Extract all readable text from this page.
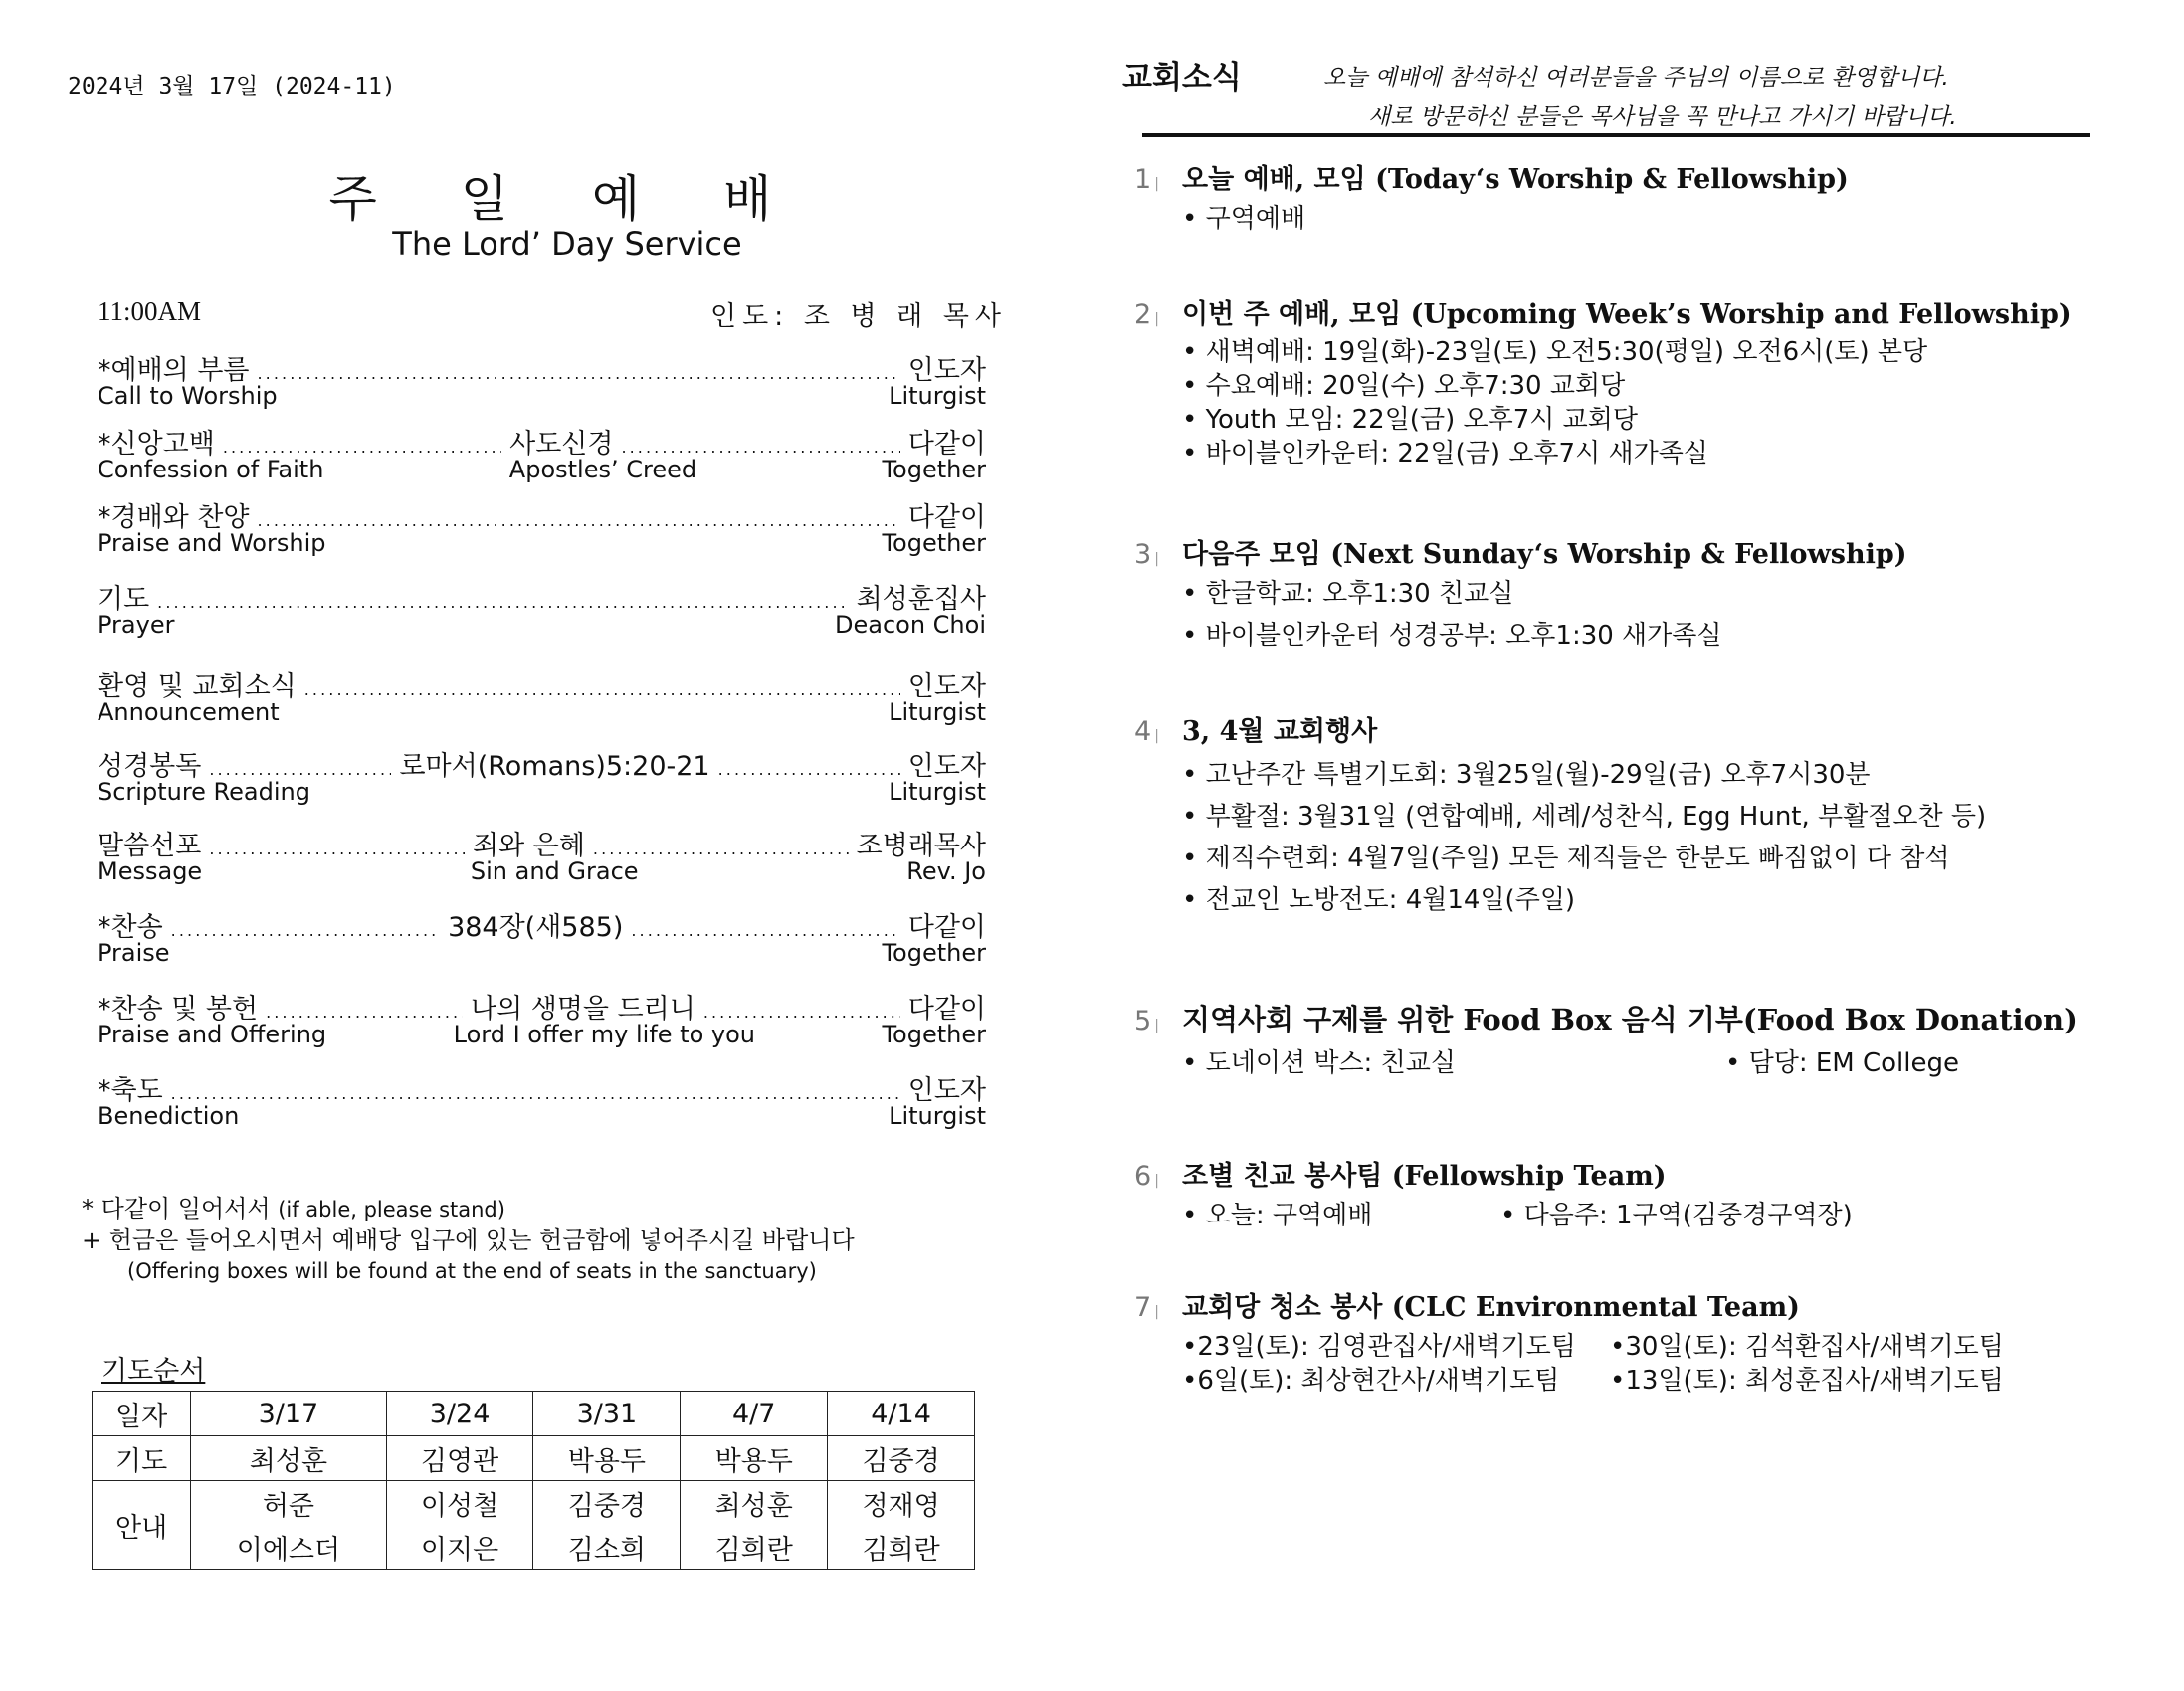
2024년 3월 17일 (2024-11)
주 일 예 배
The Lord’ Day Service
11:00AM	인도: 조 병 래 목사
*예배의 부름 . . .	인도자
Call to Worship	Liturgist
*신앙고백 . . .	사도신경 . . .	다같이
Confession of Faith	Apostles’ Creed	Together
*경배와 찬양 . . .	다같이
Praise and Worship	Together
기도 . . .	최성훈집사
Prayer	Deacon Choi
환영 및 교회소식 . . .	인도자
Announcement	Liturgist
성경봉독 . . .	로마서(Romans)5:20-21 . . .	인도자
Scripture Reading	Liturgist
말씀선포 . . .	죄와 은혜 . . .	조병래목사
Message	Sin and Grace	Rev. Jo
*찬송 . . .	384장(새585) . . .	다같이
Praise	Together
*찬송 및 봉헌 . . .	나의 생명을 드리니 . . .	다같이
Praise and Offering	Lord I offer my life to you	Together
*축도 . . .	인도자
Benediction	Liturgist
* 다같이 일어서서 (if able, please stand)
+ 헌금은 들어오시면서 예배당 입구에 있는 헌금함에 넣어주시길 바랍니다
(Offering boxes will be found at the end of seats in the sanctuary)
기도순서
일자	3/17	3/24	3/31	4/7	4/14
기도	최성훈	김영관	박용두	박용두	김중경
안내	허준	이성철	김중경	최성훈	정재영
	이에스더	이지은	김소희	김희란	김희란
교회소식	오늘 예배에 참석하신 여러분들을 주님의 이름으로 환영합니다.
새로 방문하신 분들은 목사님을 꼭 만나고 가시기 바랍니다.
1 |	오늘 예배, 모임 (Today‘s Worship & Fellowship)
• 구역예배
2 |	이번 주 예배, 모임 (Upcoming Week’s Worship and Fellowship)
• 새벽예배: 19일(화)-23일(토) 오전5:30(평일) 오전6시(토) 본당
• 수요예배: 20일(수) 오후7:30 교회당
• Youth 모임: 22일(금) 오후7시 교회당
• 바이블인카운터: 22일(금) 오후7시 새가족실
3 |	다음주 모임 (Next Sunday‘s Worship & Fellowship)
• 한글학교: 오후1:30 친교실
• 바이블인카운터 성경공부: 오후1:30 새가족실
4 |	3, 4월 교회행사
• 고난주간 특별기도회: 3월25일(월)-29일(금) 오후7시30분
• 부활절: 3월31일 (연합예배, 세례/성찬식, Egg Hunt, 부활절오찬 등)
• 제직수련회: 4월7일(주일) 모든 제직들은 한분도 빠짐없이 다 참석
• 전교인 노방전도: 4월14일(주일)
5 |	지역사회 구제를 위한 Food Box 음식 기부(Food Box Donation)
• 도네이션 박스: 친교실	• 담당: EM College
6 |	조별 친교 봉사팀 (Fellowship Team)
• 오늘: 구역예배	• 다음주: 1구역(김중경구역장)
7 |	교회당 청소 봉사 (CLC Environmental Team)
•23일(토): 김영관집사/새벽기도팀	•30일(토): 김석환집사/새벽기도팀
•6일(토): 최상현간사/새벽기도팀	•13일(토): 최성훈집사/새벽기도팀
